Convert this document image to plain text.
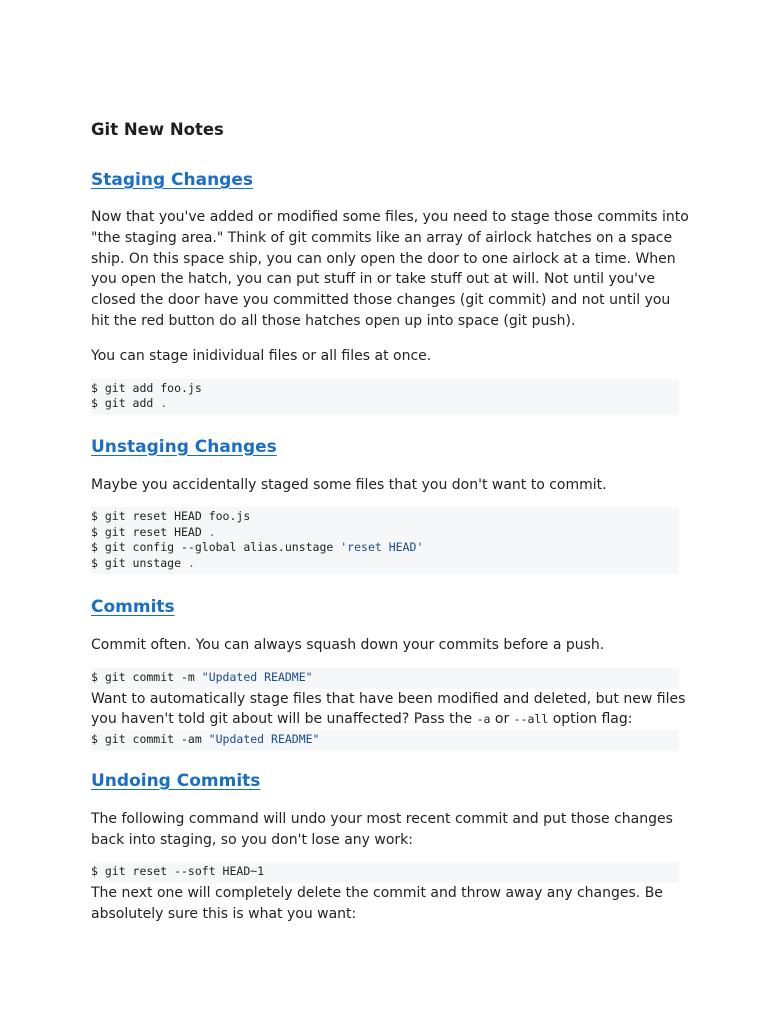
Git New Notes
Staging Changes

Now that you've added or modified some files, you need to stage those commits into "the staging area." Think of git commits like an array of airlock hatches on a space ship. On this space ship, you can only open the door to one airlock at a time. When you open the hatch, you can put stuff in or take stuff out at will. Not until you've closed the door have you committed those changes (git commit) and not until you hit the red button do all those hatches open up into space (git push).

You can stage inidividual files or all files at once.

$ git add foo.js
$ git add .
Unstaging Changes

Maybe you accidentally staged some files that you don't want to commit.

$ git reset HEAD foo.js
$ git reset HEAD .
$ git config --global alias.unstage 'reset HEAD'
$ git unstage .
Commits

Commit often. You can always squash down your commits before a push.

$ git commit -m "Updated README"

Want to automatically stage files that have been modified and deleted, but new files you haven't told git about will be unaffected? Pass the -a or --all option flag:

$ git commit -am "Updated README"
Undoing Commits

The following command will undo your most recent commit and put those changes back into staging, so you don't lose any work:

$ git reset --soft HEAD~1

The next one will completely delete the commit and throw away any changes. Be absolutely sure this is what you want:
